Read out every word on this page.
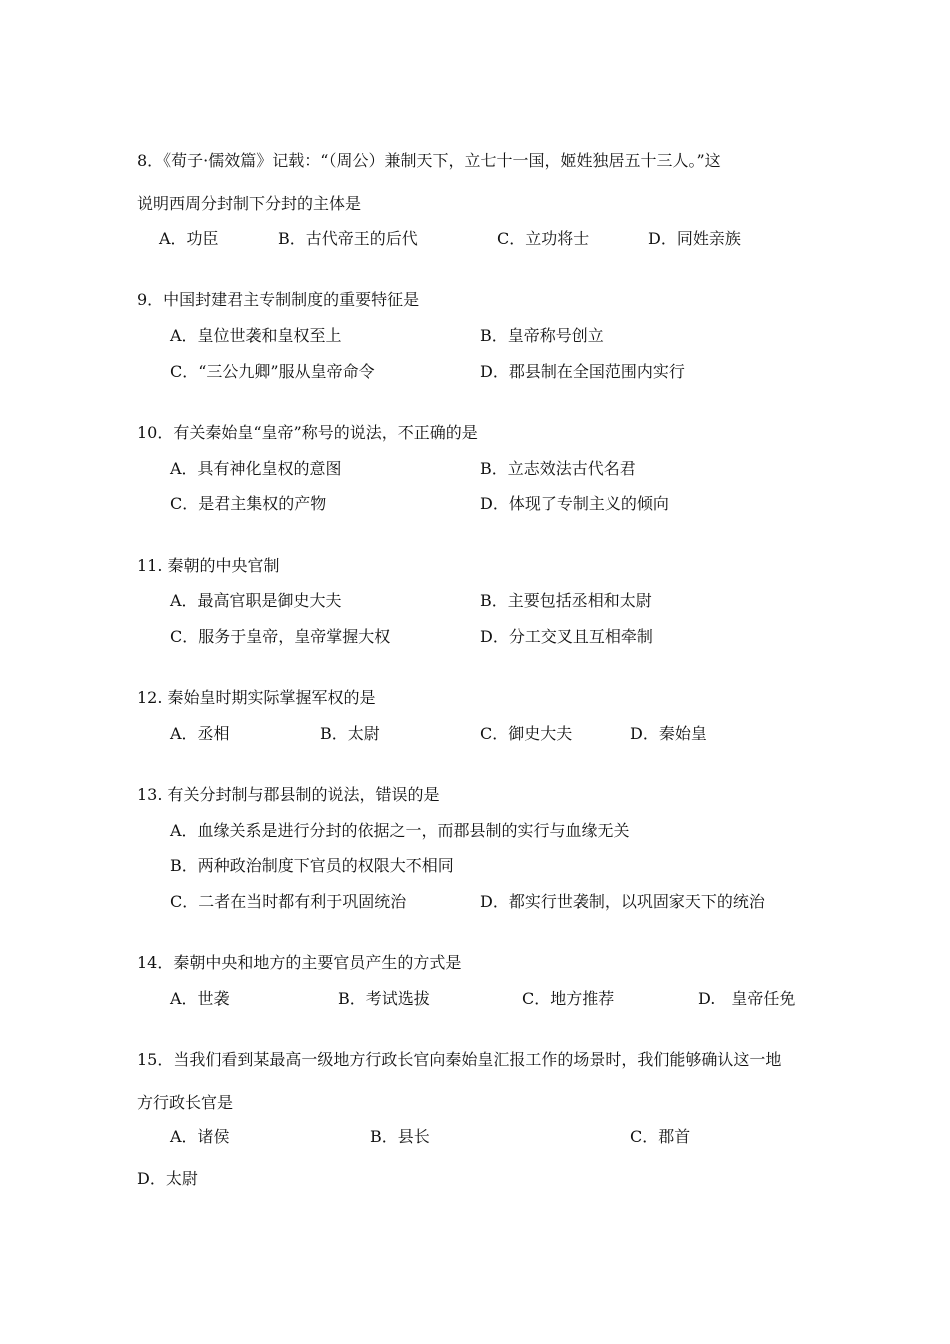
8．《荀子·儒效篇》记载：“（周公）兼制天下，立七十一国，姬姓独居五十三人。”这
说明西周分封制下分封的主体是
A．功臣	B．古代帝王的后代	C．立功将士	D．同姓亲族
9．中国封建君主专制制度的重要特征是
A．皇位世袭和皇权至上	B．皇帝称号创立
C．“三公九卿”服从皇帝命令	D．郡县制在全国范围内实行
10．有关秦始皇“皇帝”称号的说法，不正确的是
A．具有神化皇权的意图	B．立志效法古代名君
C．是君主集权的产物	D．体现了专制主义的倾向
11. 秦朝的中央官制
A．最高官职是御史大夫	B．主要包括丞相和太尉
C．服务于皇帝，皇帝掌握大权	D．分工交叉且互相牵制
12. 秦始皇时期实际掌握军权的是
A．丞相	B．太尉	C．御史大夫	D．秦始皇
13. 有关分封制与郡县制的说法，错误的是
A．血缘关系是进行分封的依据之一，而郡县制的实行与血缘无关
B．两种政治制度下官员的权限大不相同
C．二者在当时都有利于巩固统治	D．都实行世袭制，以巩固家天下的统治
14．秦朝中央和地方的主要官员产生的方式是
A．世袭	B．考试选拔	C．地方推荐	D.　皇帝任免
15．当我们看到某最高一级地方行政长官向秦始皇汇报工作的场景时，我们能够确认这一地
方行政长官是
A．诸侯	B．县长	C．郡首
D．太尉
